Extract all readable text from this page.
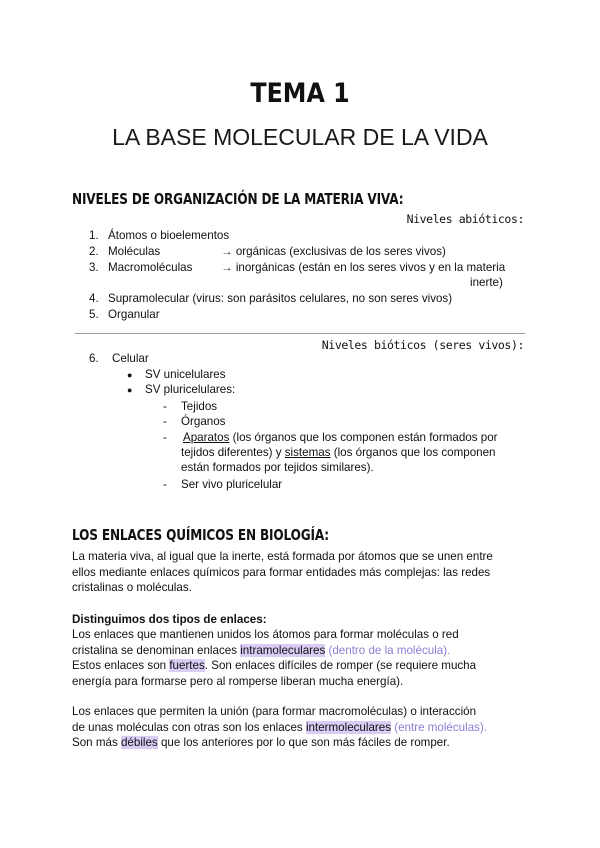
TEMA 1
LA BASE MOLECULAR DE LA VIDA
NIVELES DE ORGANIZACIÓN DE LA MATERIA VIVA:
Niveles abióticos:
1. Átomos o bioelementos
2. Moléculas	→ orgánicas (exclusivas de los seres vivos)
3. Macromoléculas → inorgánicas (están en los seres vivos y en la materia
inerte)
4. Supramolecular (virus: son parásitos celulares, no son seres vivos)
5. Organular
Niveles bióticos (seres vivos):
6. Celular
● SV unicelulares
● SV pluricelulares:
- Tejidos
- Órganos
- Aparatos (los órganos que los componen están formados por
tejidos diferentes) y sistemas (los órganos que los componen
están formados por tejidos similares).
- Ser vivo pluricelular
LOS ENLACES QUÍMICOS EN BIOLOGÍA:
La materia viva, al igual que la inerte, está formada por átomos que se unen entre
ellos mediante enlaces químicos para formar entidades más complejas: las redes
cristalinas o moléculas.
Distinguimos dos tipos de enlaces:
Los enlaces que mantienen unidos los átomos para formar moléculas o red
cristalina se denominan enlaces intramoleculares (dentro de la molécula).
Estos enlaces son fuertes. Son enlaces difíciles de romper (se requiere mucha
energía para formarse pero al romperse liberan mucha energía).
Los enlaces que permiten la unión (para formar macromoléculas) o interacción
de unas moléculas con otras son los enlaces intermoleculares (entre moléculas).
Son más débiles que los anteriores por lo que son más fáciles de romper.
